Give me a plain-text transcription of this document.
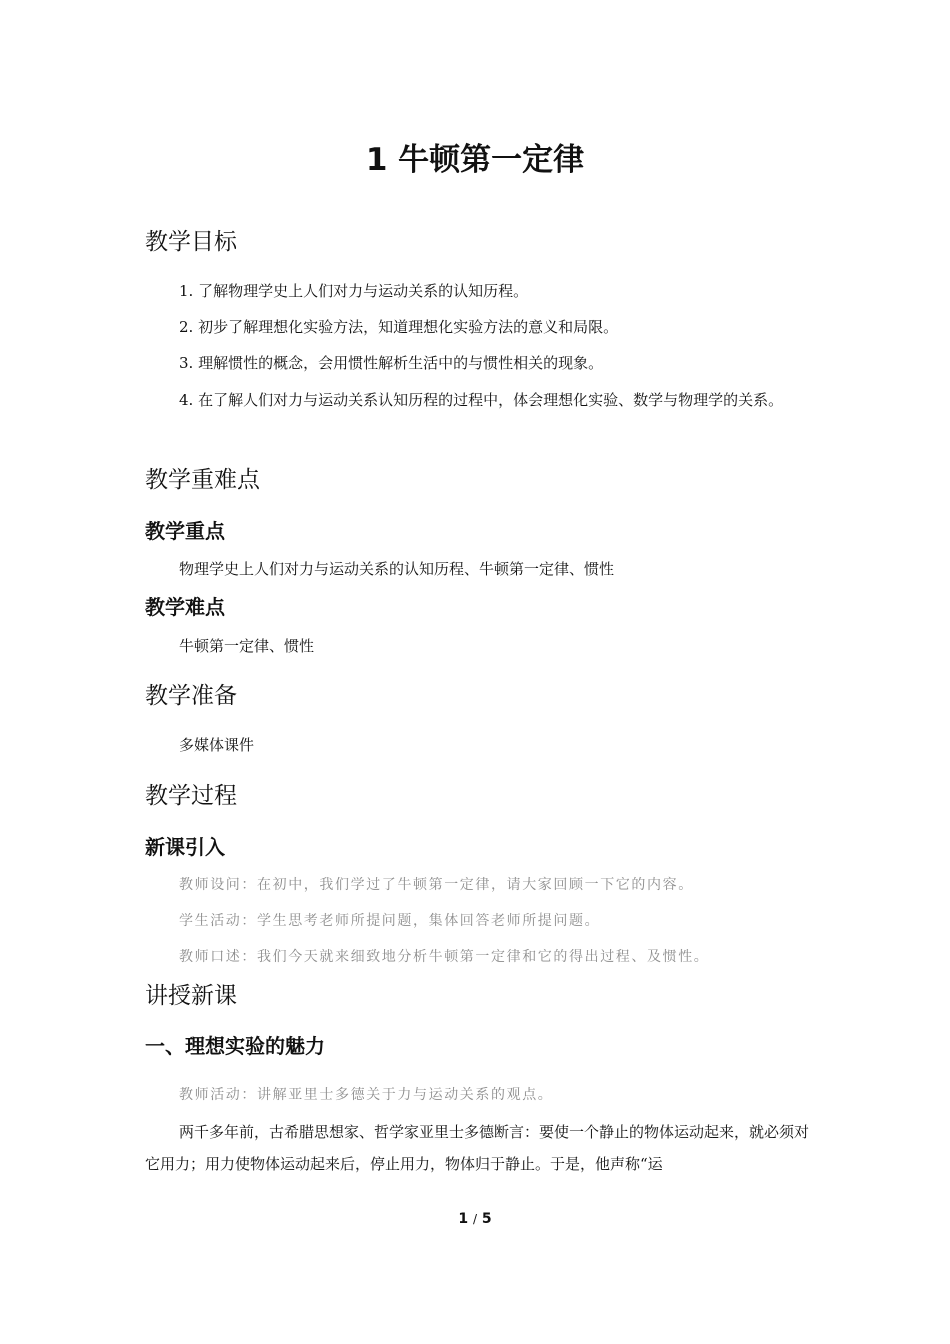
1 牛顿第一定律
教学目标

1. 了解物理学史上人们对力与运动关系的认知历程。

2. 初步了解理想化实验方法，知道理想化实验方法的意义和局限。

3. 理解惯性的概念，会用惯性解析生活中的与惯性相关的现象。

4. 在了解人们对力与运动关系认知历程的过程中，体会理想化实验、数学与物理学的关系。

教学重难点
教学重点

物理学史上人们对力与运动关系的认知历程、牛顿第一定律、惯性

教学难点

牛顿第一定律、惯性

教学准备

多媒体课件

教学过程
新课引入

教师设问：在初中，我们学过了牛顿第一定律，请大家回顾一下它的内容。

学生活动：学生思考老师所提问题，集体回答老师所提问题。

教师口述：我们今天就来细致地分析牛顿第一定律和它的得出过程、及惯性。

讲授新课
一、理想实验的魅力

教师活动：讲解亚里士多德关于力与运动关系的观点。

两千多年前，古希腊思想家、哲学家亚里士多德断言：要使一个静止的物体运动起来，就必须对它用力；用力使物体运动起来后，停止用力，物体归于静止。于是，他声称“运

1 / 5
